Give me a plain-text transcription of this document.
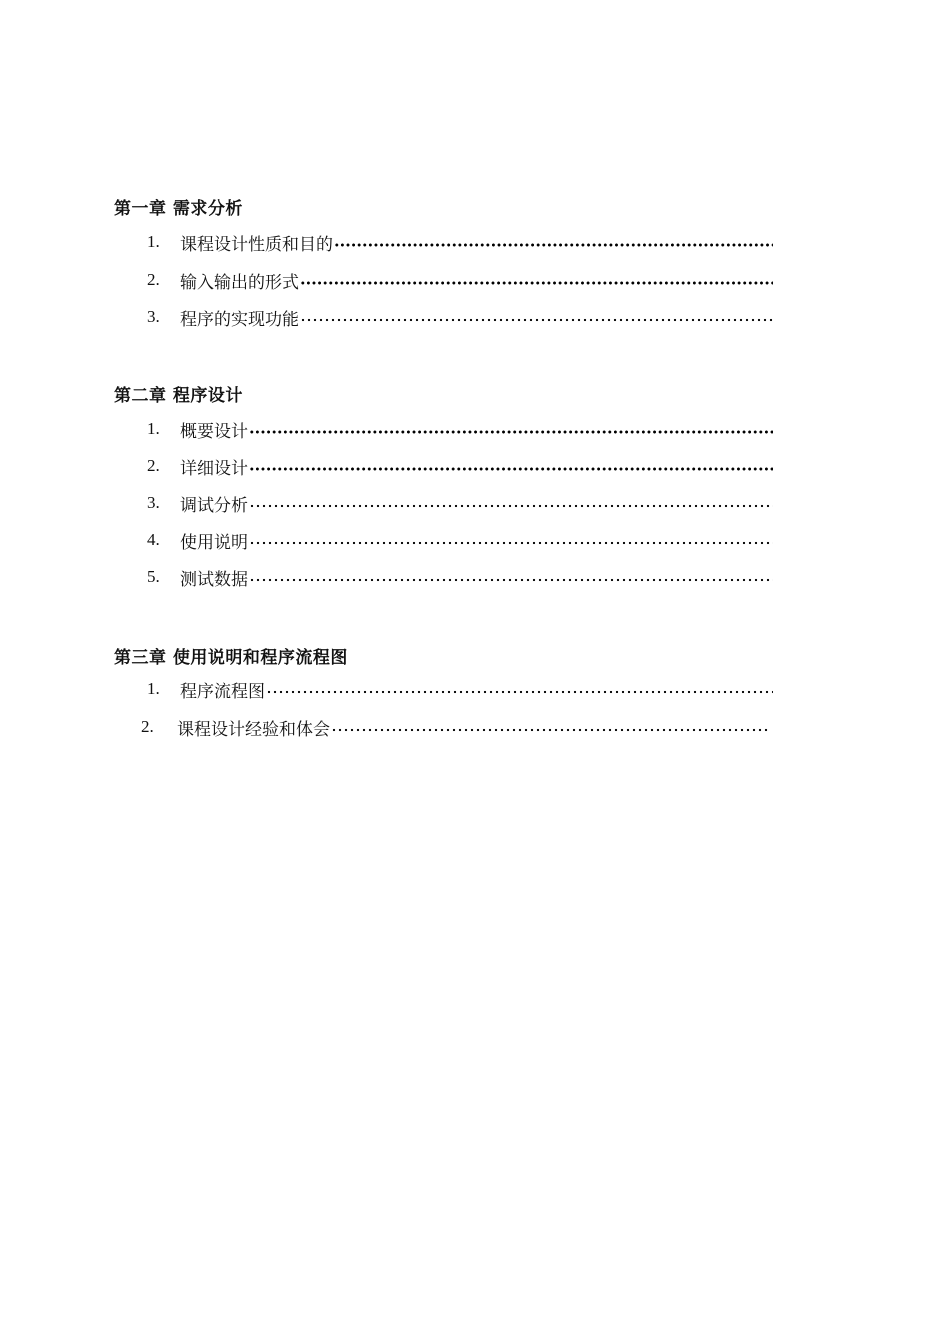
第一章 需求分析
1.	课程设计性质和目的
2.	输入输出的形式
3.	程序的实现功能
第二章 程序设计
1.	概要设计
2.	详细设计
3.	调试分析
4.	使用说明
5.	测试数据
第三章 使用说明和程序流程图
1.	程序流程图
2.	课程设计经验和体会
